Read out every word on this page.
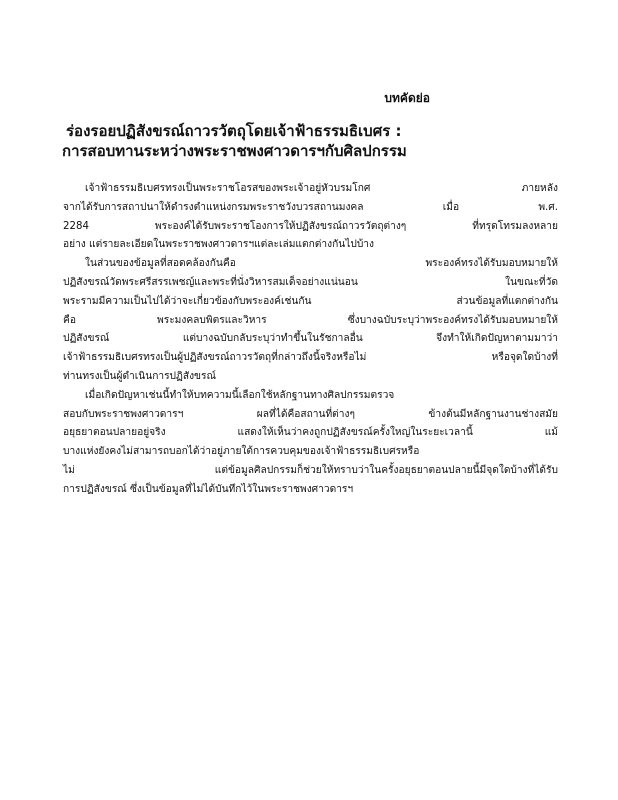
บทคัดย่อ
ร่องรอยปฏิสังขรณ์ถาวรวัตถุโดยเจ้าฟ้าธรรมธิเบศร :
การสอบทานระหว่างพระราชพงศาวดารฯกับศิลปกรรม

เจ้าฟ้าธรรมธิเบศรทรงเป็นพระราชโอรสของพระเจ้าอยู่หัวบรมโกศ ภายหลัง
จากได้รับการสถาปนาให้ดำรงตำแหน่งกรมพระราชวังบวรสถานมงคล เมื่อ พ.ศ.
2284 พระองค์ได้รับพระราชโองการให้ปฏิสังขรณ์ถาวรวัตถุต่างๆ ที่ทรุดโทรมลงหลาย
อย่าง แต่รายละเอียดในพระราชพงศาวดารฯแต่ละเล่มแตกต่างกันไปบ้าง

ในส่วนของข้อมูลที่สอดคล้องกันคือ พระองค์ทรงได้รับมอบหมายให้
ปฏิสังขรณ์วัดพระศรีสรรเพชญ์และพระที่นั่งวิหารสมเด็จอย่างแน่นอน ในขณะที่วัด
พระรามมีความเป็นไปได้ว่าจะเกี่ยวข้องกับพระองค์เช่นกัน ส่วนข้อมูลที่แตกต่างกัน
คือ พระมงคลบพิตรและวิหาร ซึ่งบางฉบับระบุว่าพระองค์ทรงได้รับมอบหมายให้
ปฏิสังขรณ์ แต่บางฉบับกลับระบุว่าทำขึ้นในรัชกาลอื่น จึงทำให้เกิดปัญหาตามมาว่า
เจ้าฟ้าธรรมธิเบศรทรงเป็นผู้ปฏิสังขรณ์ถาวรวัตถุที่กล่าวถึงนี้จริงหรือไม่ หรือจุดใดบ้างที่
ท่านทรงเป็นผู้ดำเนินการปฏิสังขรณ์

เมื่อเกิดปัญหาเช่นนี้ทำให้บทความนี้เลือกใช้หลักฐานทางศิลปกรรมตรวจ
สอบกับพระราชพงศาวดารฯ ผลที่ได้คือสถานที่ต่างๆ ข้างต้นมีหลักฐานงานช่างสมัย
อยุธยาตอนปลายอยู่จริง แสดงให้เห็นว่าคงถูกปฏิสังขรณ์ครั้งใหญ่ในระยะเวลานี้ แม้
บางแห่งยังคงไม่สามารถบอกได้ว่าอยู่ภายใต้การควบคุมของเจ้าฟ้าธรรมธิเบศรหรือ
ไม่ แต่ข้อมูลศิลปกรรมก็ช่วยให้ทราบว่าในครั้งอยุธยาตอนปลายนี้มีจุดใดบ้างที่ได้รับ
การปฏิสังขรณ์ ซึ่งเป็นข้อมูลที่ไม่ได้บันทึกไว้ในพระราชพงศาวดารฯ
